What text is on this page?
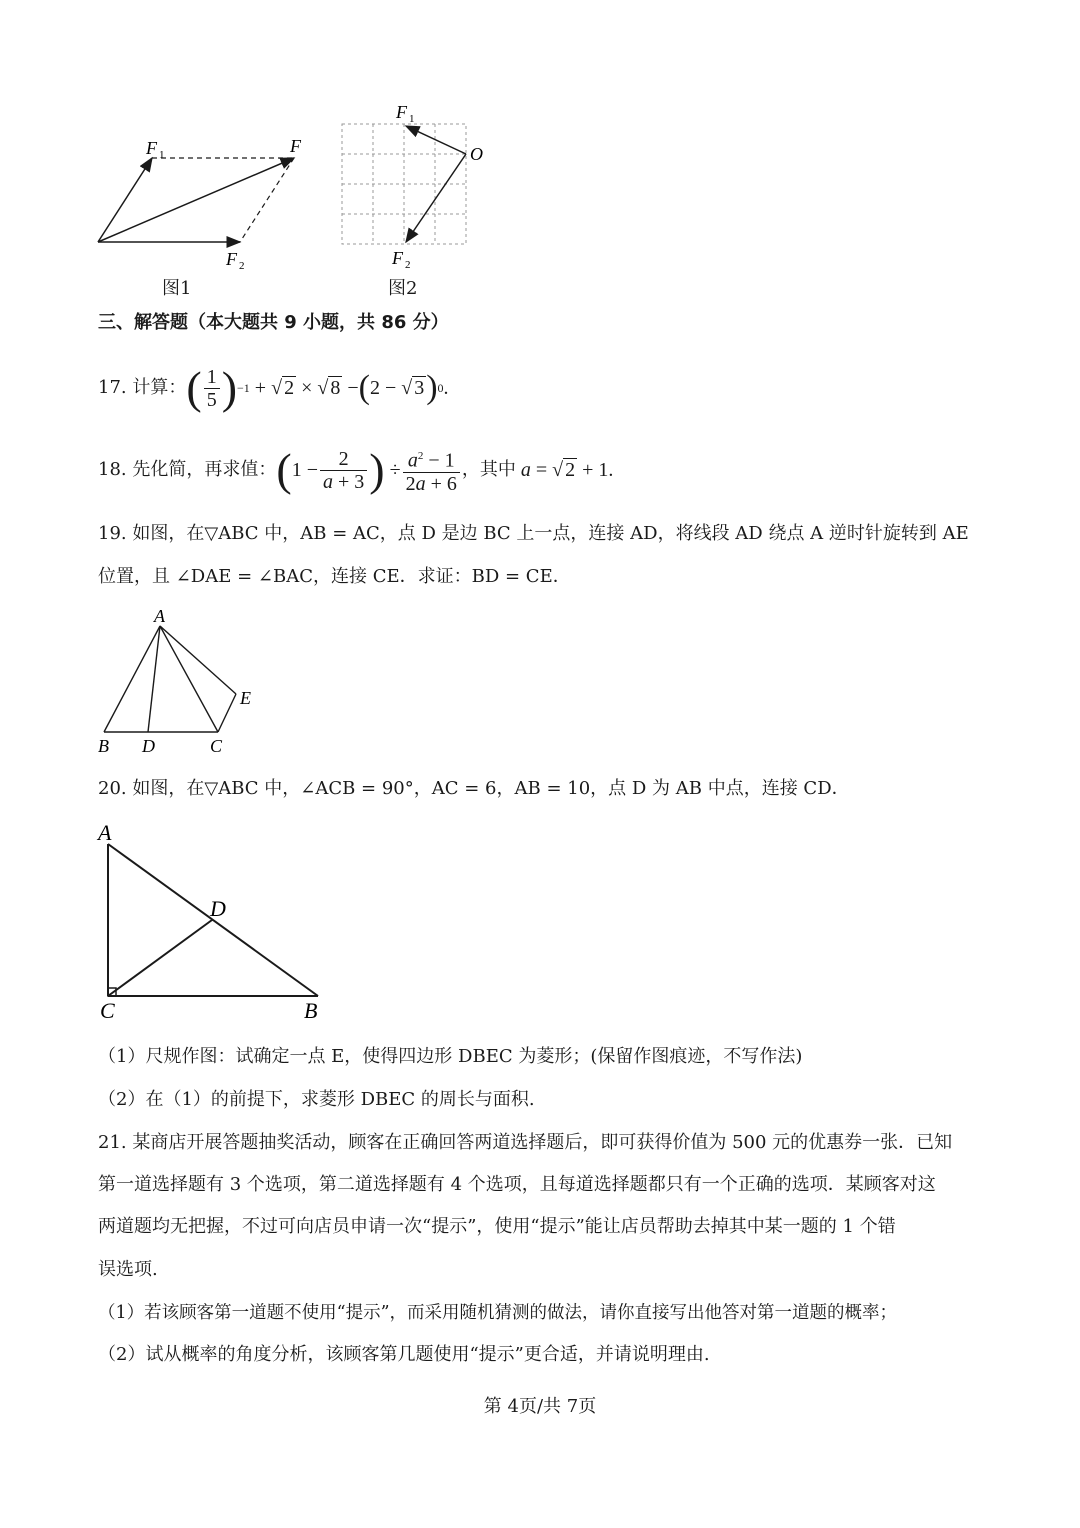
F 1	F
F 2
图1
F 1
O
F 2
图2
三、解答题（本大题共 9 小题，共 86 分）
17. 计算： ( $\frac{1}{5}$ ) −1 + √ 2 × √ 8 − ( 2 − √ 3 ) 0 .
18. 先化简，再求值： ( $1 - \frac{2}{a + 3}$ ) ÷ $\frac{a^2 - 1}{2a + 6}$ ，其中 a = √ 2 + 1 .
19. 如图，在▽ABC 中，AB = AC，点 D 是边 BC 上一点，连接 AD，将线段 AD 绕点 A 逆时针旋转到 AE
位置，且 ∠DAE = ∠BAC，连接 CE．求证：BD = CE．
A
B D	C
E
20. 如图，在▽ABC 中，∠ACB = 90°，AC = 6，AB = 10，点 D 为 AB 中点，连接 CD．
A
D
C	B
（1）尺规作图：试确定一点 E，使得四边形 DBEC 为菱形；(保留作图痕迹，不写作法)
（2）在（1）的前提下，求菱形 DBEC 的周长与面积.
21. 某商店开展答题抽奖活动，顾客在正确回答两道选择题后，即可获得价值为 500 元的优惠券一张．已知
第一道选择题有 3 个选项，第二道选择题有 4 个选项，且每道选择题都只有一个正确的选项．某顾客对这
两道题均无把握，不过可向店员申请一次“提示”，使用“提示”能让店员帮助去掉其中某一题的 1 个错
误选项.
（1）若该顾客第一道题不使用“提示”，而采用随机猜测的做法，请你直接写出他答对第一道题的概率；
（2）试从概率的角度分析，该顾客第几题使用“提示”更合适，并请说明理由.
第 4页/共 7页
